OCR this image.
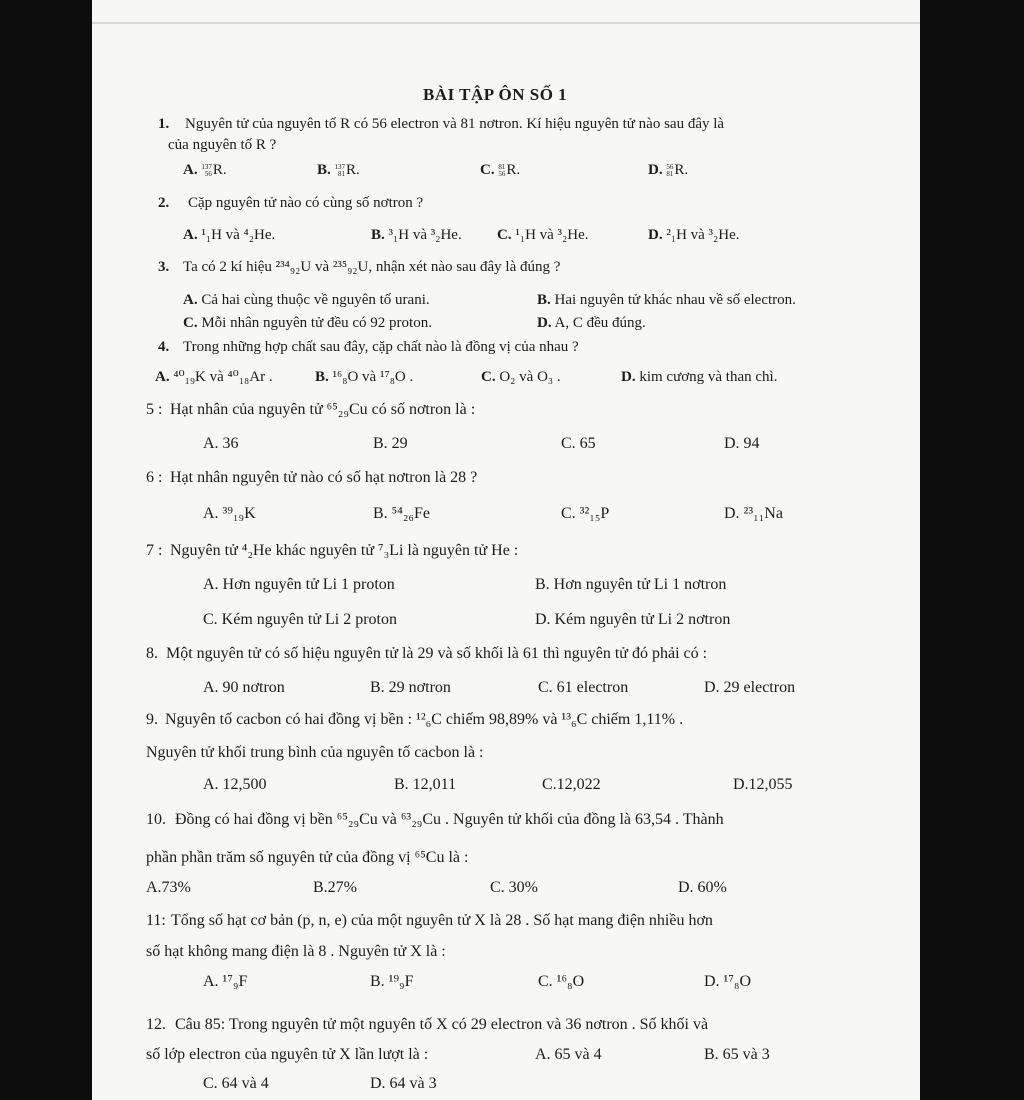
BÀI TẬP ÔN SỐ 1
1. Nguyên tử của nguyên tố R có 56 electron và 81 nơtron. Kí hiệu nguyên tử nào sau đây là
của nguyên tố R ?
A. 137
56 R.	B. 137
81 R.	C. 81
56 R.	D. 56
81 R.
2. Cặp nguyên tử nào có cùng số nơtron ?
A. ¹₁H và ⁴₂He.	B. ³₁H và ³₂He. C. ¹₁H và ³₂He.	D. ²₁H và ³₂He.
3. Ta có 2 kí hiệu ²³⁴₉₂U và ²³⁵₉₂U, nhận xét nào sau đây là đúng ?
A. Cả hai cùng thuộc về nguyên tố urani.	B. Hai nguyên tử khác nhau về số electron.
C. Mỗi nhân nguyên tử đều có 92 proton.	D. A, C đều đúng.
4. Trong những hợp chất sau đây, cặp chất nào là đồng vị của nhau ?
A. ⁴⁰₁₉K và ⁴⁰₁₈Ar .	B. ¹⁶₈O và ¹⁷₈O .	C. O₂ và O₃ .	D. kim cương và than chì.
5 : Hạt nhân của nguyên tử ⁶⁵₂₉Cu có số nơtron là :
A. 36	B. 29	C. 65	D. 94
6 : Hạt nhân nguyên tử nào có số hạt nơtron là 28 ?
A. ³⁹₁₉K	B. ⁵⁴₂₆Fe	C. ³²₁₅P	D. ²³₁₁Na
7 : Nguyên tử ⁴₂He khác nguyên tử ⁷₃Li là nguyên tử He :
A. Hơn nguyên tử Li 1 proton	B. Hơn nguyên tử Li 1 nơtron
C. Kém nguyên tử Li 2 proton	D. Kém nguyên tử Li 2 nơtron
8. Một nguyên tử có số hiệu nguyên tử là 29 và số khối là 61 thì nguyên tử đó phải có :
A. 90 nơtron	B. 29 nơtron	C. 61 electron	D. 29 electron
9. Nguyên tố cacbon có hai đồng vị bền : ¹²₆C chiếm 98,89% và ¹³₆C chiếm 1,11% .
Nguyên tử khối trung bình của nguyên tố cacbon là :
A. 12,500	B. 12,011	C.12,022	D.12,055
10. Đồng có hai đồng vị bền ⁶⁵₂₉Cu và ⁶³₂₉Cu . Nguyên tử khối của đồng là 63,54 . Thành
phần phần trăm số nguyên tử của đồng vị ⁶⁵Cu là :
A.73%	B.27%	C. 30%	D. 60%
11: Tổng số hạt cơ bản (p, n, e) của một nguyên tử X là 28 . Số hạt mang điện nhiều hơn
số hạt không mang điện là 8 . Nguyên tử X là :
A. ¹⁷₉F	B. ¹⁹₉F	C. ¹⁶₈O	D. ¹⁷₈O
12. Câu 85: Trong nguyên tử một nguyên tố X có 29 electron và 36 nơtron . Số khối và
số lớp electron của nguyên tử X lần lượt là :	A. 65 và 4	B. 65 và 3
C. 64 và 4	D. 64 và 3
